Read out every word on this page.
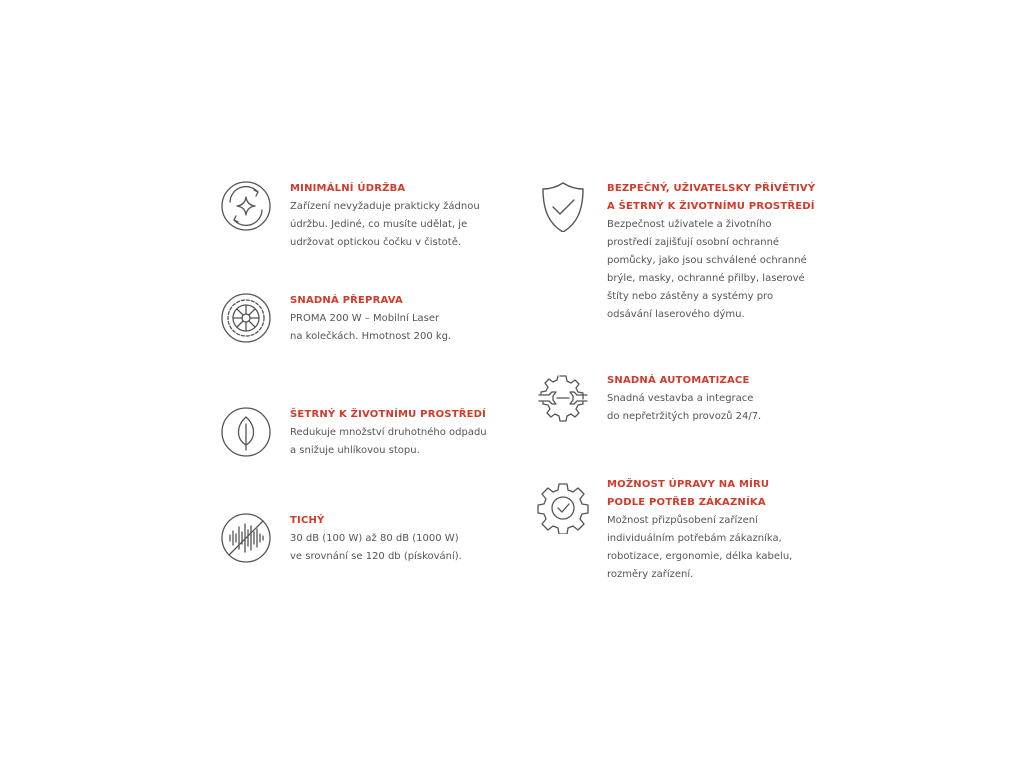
MINIMÁLNÍ ÚDRŽBA

Zařízení nevyžaduje prakticky žádnou
údržbu. Jediné, co musíte udělat, je
udržovat optickou čočku v čistotě.

SNADNÁ PŘEPRAVA

PROMA 200 W – Mobilní Laser
na kolečkách. Hmotnost 200 kg.

ŠETRNÝ K ŽIVOTNÍMU PROSTŘEDÍ

Redukuje množství druhotného odpadu
a snižuje uhlíkovou stopu.

TICHÝ

30 dB (100 W) až 80 dB (1000 W)
ve srovnání se 120 db (pískování).

BEZPEČNÝ, UŽIVATELSKY PŘÍVĚTIVÝ
A ŠETRNÝ K ŽIVOTNÍMU PROSTŘEDÍ

Bezpečnost uživatele a životního
prostředí zajišťují osobní ochranné
pomůcky, jako jsou schválené ochranné
brýle, masky, ochranné přilby, laserové
štíty nebo zástěny a systémy pro
odsávání laserového dýmu.

SNADNÁ AUTOMATIZACE

Snadná vestavba a integrace
do nepřetržitých provozů 24/7.

MOŽNOST ÚPRAVY NA MÍRU
PODLE POTŘEB ZÁKAZNÍKA

Možnost přizpůsobení zařízení
individuálním potřebám zákazníka,
robotizace, ergonomie, délka kabelu,
rozměry zařízení.
